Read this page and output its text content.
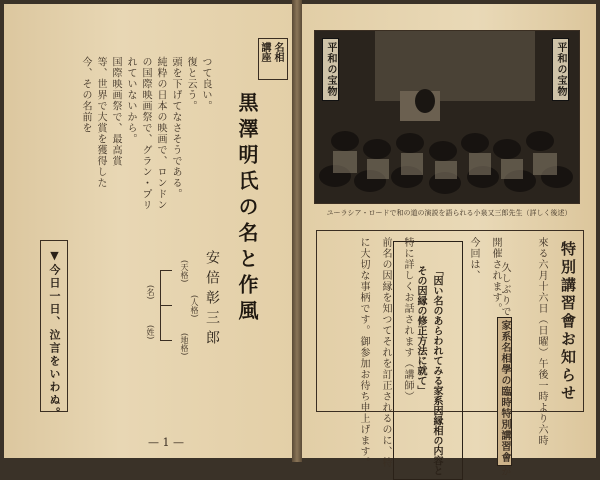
つて良い。
復と云う。
頭を下げてなさそうである。
純粋の日本の映画で、ロンドン
の国際映画祭で、グラン・プリ
れていないから。
国際映画祭で、最高賞
等、世界で大賞を獲得した
今、その名前を

名相
講座
黒澤明氏の名と作風
安倍彰三郎
(天格)
(人格)
(地格)
(名)
(姓)
▼今日一日、泣言をいわぬ。
— 1 —
平和の宝物	平和の宝物
ユーラシア・ロードで和の道の演説を語られる小泉又三郎先生（詳しく後述）
特別講習會お知らせ
來る六月十六日（日曜）午後一時より六時

久しぶりで家系名相學の臨時特別講習會が

開催されます。
今回は、

「因い名のあらわれてみる家系因縁相の内容と
その因縁の修正方法に就て」

特に詳しくお話されます（講師）
前名の因縁を知つてそれを訂正されるのに、特
に大切な事柄です。御参加お待ち申上げます。
